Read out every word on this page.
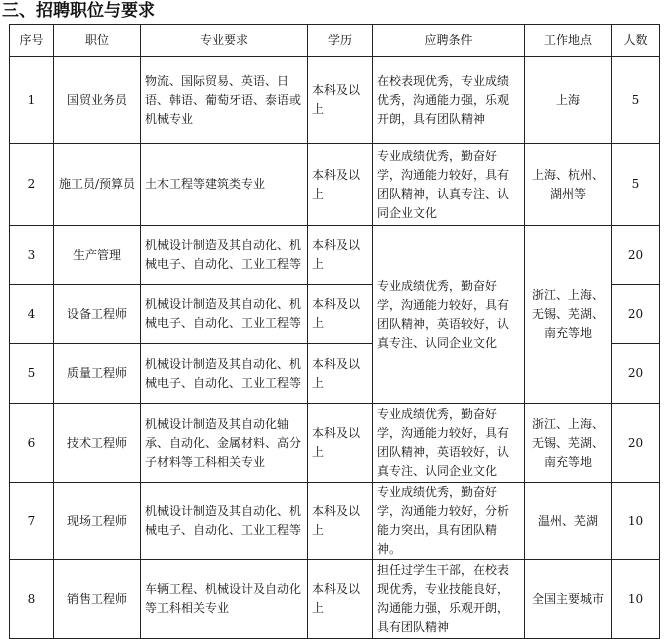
三、招聘职位与要求
序号	职位	专业要求	学历	应聘条件	工作地点	人数
1	国贸业务员	物流、国际贸易、英语、日语、韩语、葡萄牙语、泰语或机械专业	本科及以上	在校表现优秀，专业成绩优秀，沟通能力强，乐观开朗，具有团队精神	上海	5
2	施工员/预算员	土木工程等建筑类专业	本科及以上	专业成绩优秀，勤奋好学，沟通能力较好，具有团队精神，认真专注、认同企业文化	上海、杭州、湖州等	5
3	生产管理	机械设计制造及其自动化、机械电子、自动化、工业工程等	本科及以上	专业成绩优秀，勤奋好学，沟通能力较好，具有团队精神，英语较好，认真专注、认同企业文化	浙江、上海、无锡、芜湖、南充等地	20
4	设备工程师	机械设计制造及其自动化、机械电子、自动化、工业工程等	本科及以上			20
5	质量工程师	机械设计制造及其自动化、机械电子、自动化、工业工程等	本科及以上			20
6	技术工程师	机械设计制造及其自动化轴承、自动化、金属材料、高分子材料等工科相关专业	本科及以上	专业成绩优秀，勤奋好学，沟通能力较好，具有团队精神，英语较好，认真专注、认同企业文化	浙江、上海、无锡、芜湖、南充等地	20
7	现场工程师	机械设计制造及其自动化、机械电子、自动化、工业工程等	本科及以上	专业成绩优秀，勤奋好学，沟通能力较好，分析能力突出，具有团队精神。	温州、芜湖	10
8	销售工程师	车辆工程、机械设计及自动化等工科相关专业	本科及以上	担任过学生干部，在校表现优秀，专业技能良好，沟通能力强，乐观开朗，具有团队精神	全国主要城市	10
